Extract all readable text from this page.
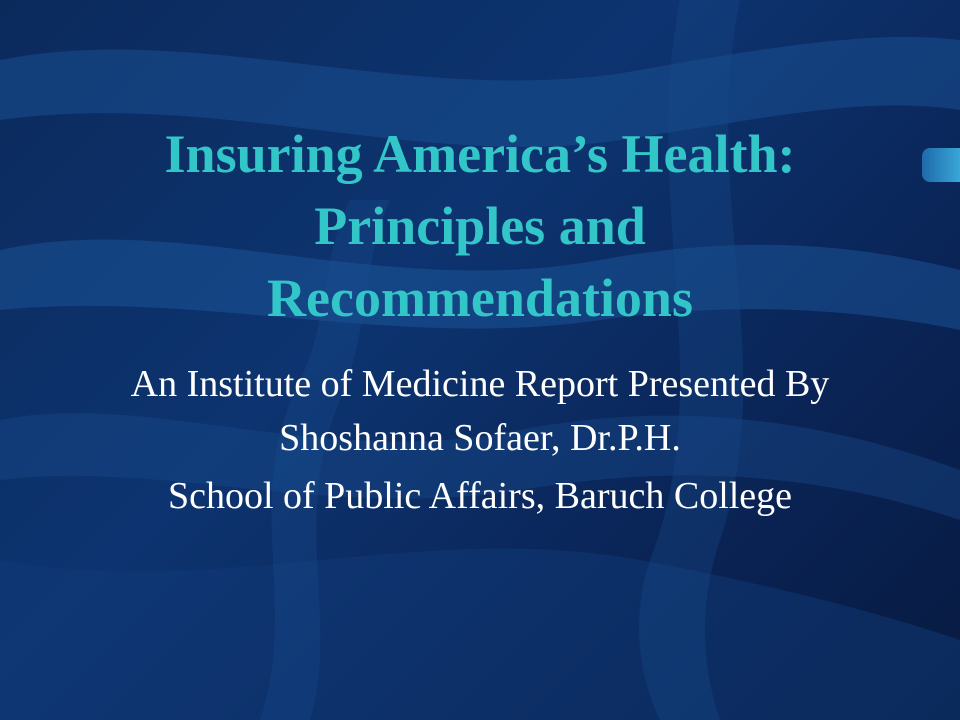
Insuring America’s Health:
Principles and
Recommendations

An Institute of Medicine Report Presented By

Shoshanna Sofaer, Dr.P.H.

School of Public Affairs, Baruch College
